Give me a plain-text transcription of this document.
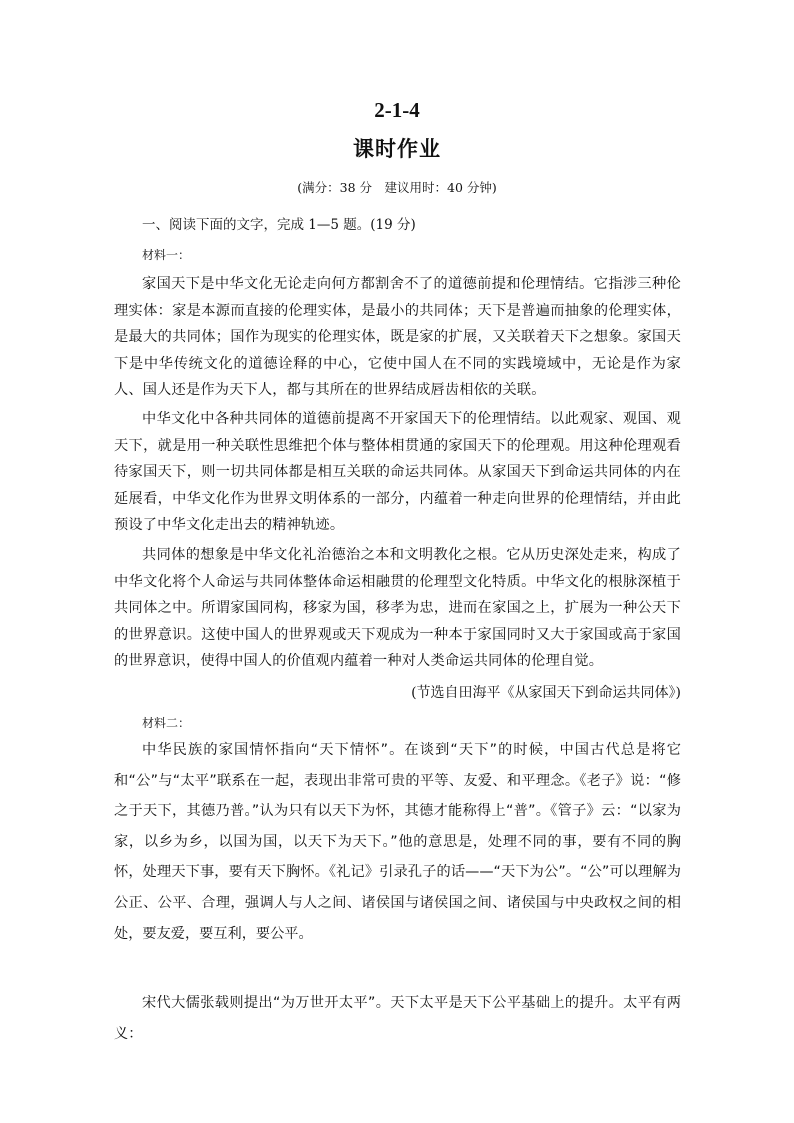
2-1-4
课时作业
(满分：38 分　建议用时：40 分钟)
一、阅读下面的文字，完成 1—5 题。(19 分)
材料一：

家国天下是中华文化无论走向何方都割舍不了的道德前提和伦理情结。它指涉三种伦理实体：家是本源而直接的伦理实体，是最小的共同体；天下是普遍而抽象的伦理实体，是最大的共同体；国作为现实的伦理实体，既是家的扩展，又关联着天下之想象。家国天下是中华传统文化的道德诠释的中心，它使中国人在不同的实践境域中，无论是作为家人、国人还是作为天下人，都与其所在的世界结成唇齿相依的关联。

中华文化中各种共同体的道德前提离不开家国天下的伦理情结。以此观家、观国、观天下，就是用一种关联性思维把个体与整体相贯通的家国天下的伦理观。用这种伦理观看待家国天下，则一切共同体都是相互关联的命运共同体。从家国天下到命运共同体的内在延展看，中华文化作为世界文明体系的一部分，内蕴着一种走向世界的伦理情结，并由此预设了中华文化走出去的精神轨迹。

共同体的想象是中华文化礼治德治之本和文明教化之根。它从历史深处走来，构成了中华文化将个人命运与共同体整体命运相融贯的伦理型文化特质。中华文化的根脉深植于共同体之中。所谓家国同构，移家为国，移孝为忠，进而在家国之上，扩展为一种公天下的世界意识。这使中国人的世界观或天下观成为一种本于家国同时又大于家国或高于家国的世界意识，使得中国人的价值观内蕴着一种对人类命运共同体的伦理自觉。

(节选自田海平《从家国天下到命运共同体》)
材料二：

中华民族的家国情怀指向“天下情怀”。在谈到“天下”的时候，中国古代总是将它和“公”与“太平”联系在一起，表现出非常可贵的平等、友爱、和平理念。《老子》说：“修之于天下，其德乃普。”认为只有以天下为怀，其德才能称得上“普”。《管子》云：“以家为家，以乡为乡，以国为国，以天下为天下。”他的意思是，处理不同的事，要有不同的胸怀，处理天下事，要有天下胸怀。《礼记》引录孔子的话——“天下为公”。“公”可以理解为公正、公平、合理，强调人与人之间、诸侯国与诸侯国之间、诸侯国与中央政权之间的相处，要友爱，要互利，要公平。

宋代大儒张载则提出“为万世开太平”。天下太平是天下公平基础上的提升。太平有两义：
